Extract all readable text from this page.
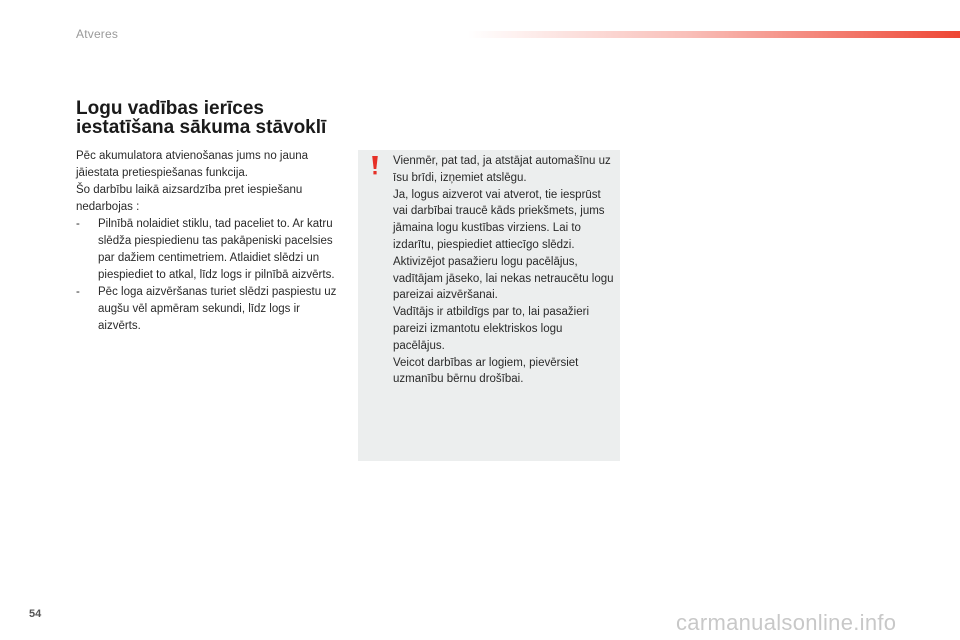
Atveres
Logu vadības ierīces
iestatīšana sākuma stāvoklī

Pēc akumulatora atvienošanas jums no jauna jāiestata pretiespiešanas funkcija.

Šo darbību laikā aizsardzība pret iespiešanu nedarbojas :

- Pilnībā nolaidiet stiklu, tad paceliet to. Ar katru slēdža piespiedienu tas pakāpeniski pacelsies par dažiem centimetriem. Atlaidiet slēdzi un piespiediet to atkal, līdz logs ir pilnībā aizvērts.
- Pēc loga aizvēršanas turiet slēdzi paspiestu uz augšu vēl apmēram sekundi, līdz logs ir aizvērts.

Vienmēr, pat tad, ja atstājat automašīnu uz īsu brīdi, izņemiet atslēgu.

Ja, logus aizverot vai atverot, tie iesprūst vai darbībai traucē kāds priekšmets, jums jāmaina logu kustības virziens. Lai to izdarītu, piespiediet attiecīgo slēdzi.

Aktivizējot pasažieru logu pacēlājus, vadītājam jāseko, lai nekas netraucētu logu pareizai aizvēršanai.

Vadītājs ir atbildīgs par to, lai pasažieri pareizi izmantotu elektriskos logu pacēlājus.

Veicot darbības ar logiem, pievērsiet uzmanību bērnu drošībai.

54	carmanualsonline.info
